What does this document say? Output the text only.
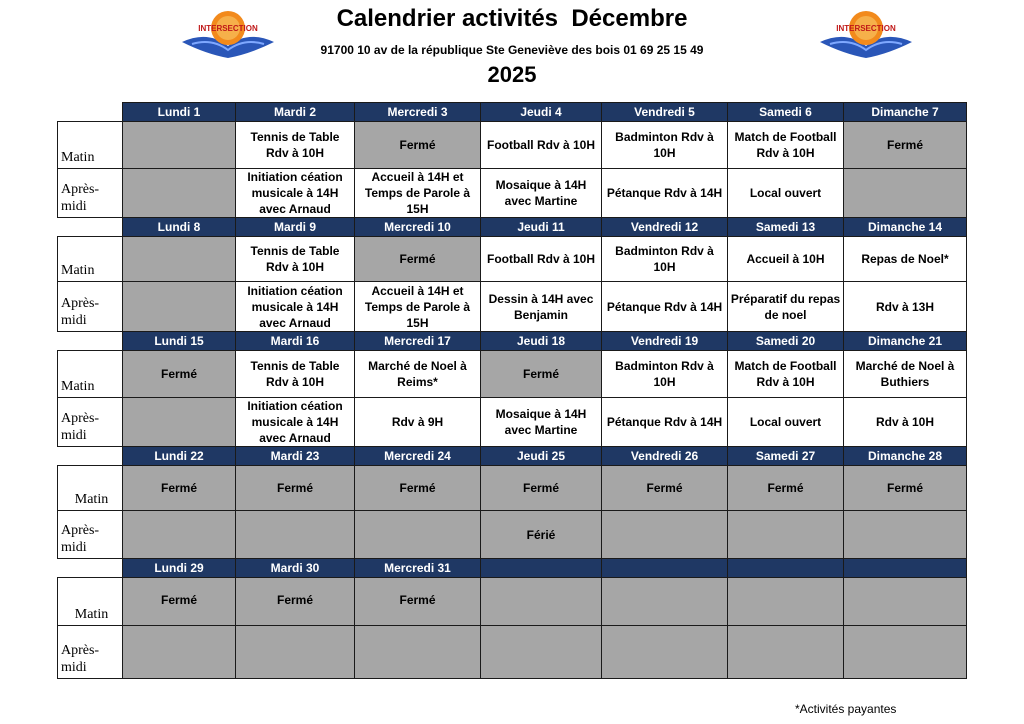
INTERSECTION	Calendrier activités  Décembre
91700 10 av de la république Ste Geneviève des bois 01 69 25 15 49
2025
INTERSECTION
	Lundi 1	Mardi 2	Mercredi 3	Jeudi 4	Vendredi 5	Samedi 6	Dimanche 7
Matin		Tennis de Table Rdv à 10H	Fermé	Football Rdv à 10H	Badminton Rdv à 10H	Match de Football Rdv à 10H	Fermé

Après-
midi		Initiation céation musicale à 14H avec Arnaud	Accueil à 14H et Temps de Parole à 15H	Mosaique à 14H avec Martine	Pétanque Rdv à 14H	Local ouvert	

	Lundi 8	Mardi 9	Mercredi 10	Jeudi 11	Vendredi 12	Samedi 13	Dimanche 14
Matin		Tennis de Table Rdv à 10H	Fermé	Football Rdv à 10H	Badminton Rdv à 10H	Accueil à 10H	Repas de Noel*

Après-
midi		Initiation céation musicale à 14H avec Arnaud	Accueil à 14H et Temps de Parole à 15H	Dessin à 14H avec Benjamin	Pétanque Rdv à 14H	Préparatif du repas de noel	Rdv à 13H

	Lundi 15	Mardi 16	Mercredi 17	Jeudi 18	Vendredi 19	Samedi 20	Dimanche 21
Matin	Fermé	Tennis de Table Rdv à 10H	Marché de Noel à Reims*	Fermé	Badminton Rdv à 10H	Match de Football Rdv à 10H	Marché de Noel à Buthiers

Après-
midi		Initiation céation musicale à 14H avec Arnaud	Rdv à 9H	Mosaique à 14H avec Martine	Pétanque Rdv à 14H	Local ouvert	Rdv à 10H

	Lundi 22	Mardi 23	Mercredi 24	Jeudi 25	Vendredi 26	Samedi 27	Dimanche 28
Matin	Fermé	Fermé	Fermé	Fermé	Fermé	Fermé	Fermé

Après-
midi				Férié			

	Lundi 29	Mardi 30	Mercredi 31				
Matin	Fermé	Fermé	Fermé				

Après-
midi	

*Activités payantes
